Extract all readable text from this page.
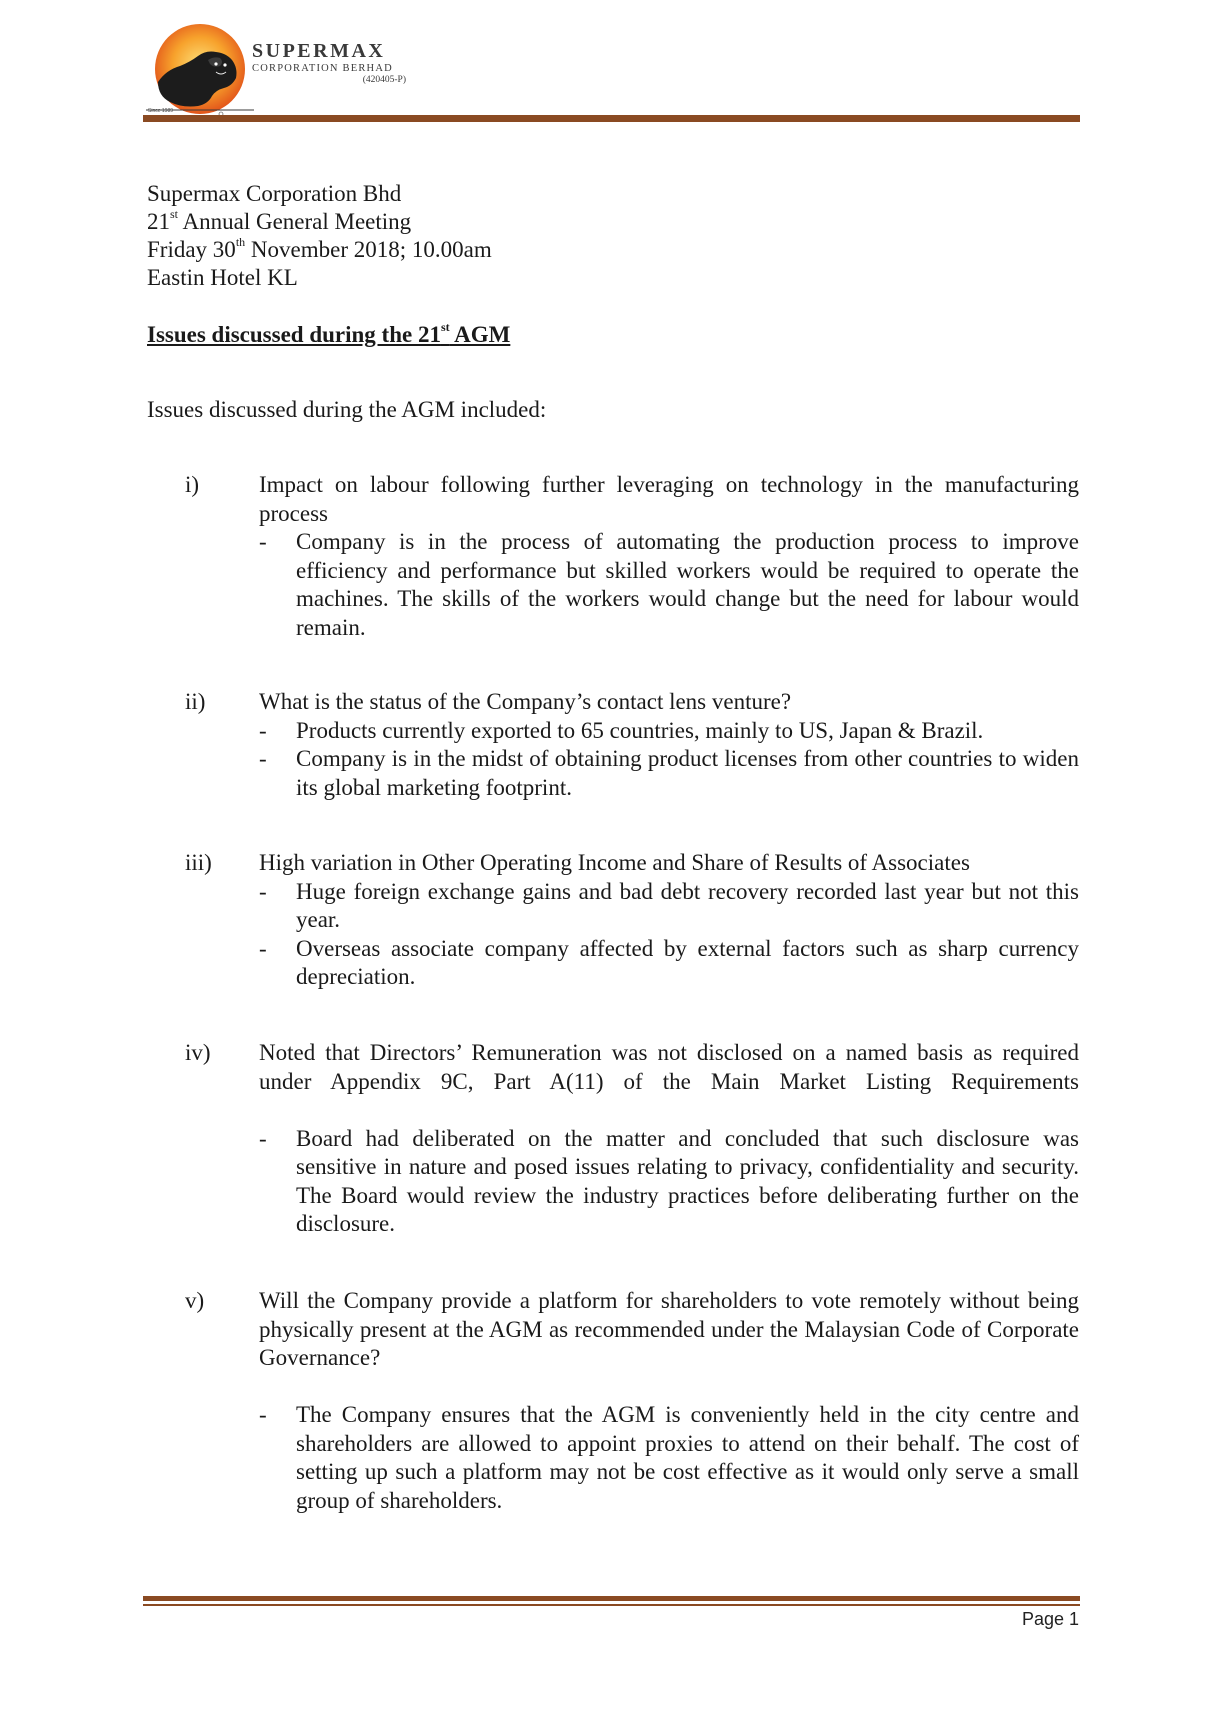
Since 1989
SUPERMAX
CORPORATION BERHAD
(420405-P)
Supermax Corporation Bhd
21st Annual General Meeting
Friday 30th November 2018; 10.00am
Eastin Hotel KL
Issues discussed during the 21st AGM
Issues discussed during the AGM included:
i)	Impact on labour following further leveraging on technology in the manufacturing process
- Company is in the process of automating the production process to improve efficiency and performance but skilled workers would be required to operate the machines. The skills of the workers would change but the need for labour would remain.
ii) What is the status of the Company’s contact lens venture?
- Products currently exported to 65 countries, mainly to US, Japan & Brazil.
- Company is in the midst of obtaining product licenses from other countries to widen its global marketing footprint.
iii) High variation in Other Operating Income and Share of Results of Associates
- Huge foreign exchange gains and bad debt recovery recorded last year but not this year.
- Overseas associate company affected by external factors such as sharp currency depreciation.
iv) Noted that Directors’ Remuneration was not disclosed on a named basis as required under Appendix 9C, Part A(11) of the Main Market Listing Requirements
- Board had deliberated on the matter and concluded that such disclosure was sensitive in nature and posed issues relating to privacy, confidentiality and security. The Board would review the industry practices before deliberating further on the disclosure.
v) Will the Company provide a platform for shareholders to vote remotely without being physically present at the AGM as recommended under the Malaysian Code of Corporate Governance?
- The Company ensures that the AGM is conveniently held in the city centre and shareholders are allowed to appoint proxies to attend on their behalf. The cost of setting up such a platform may not be cost effective as it would only serve a small group of shareholders.
Page 1
